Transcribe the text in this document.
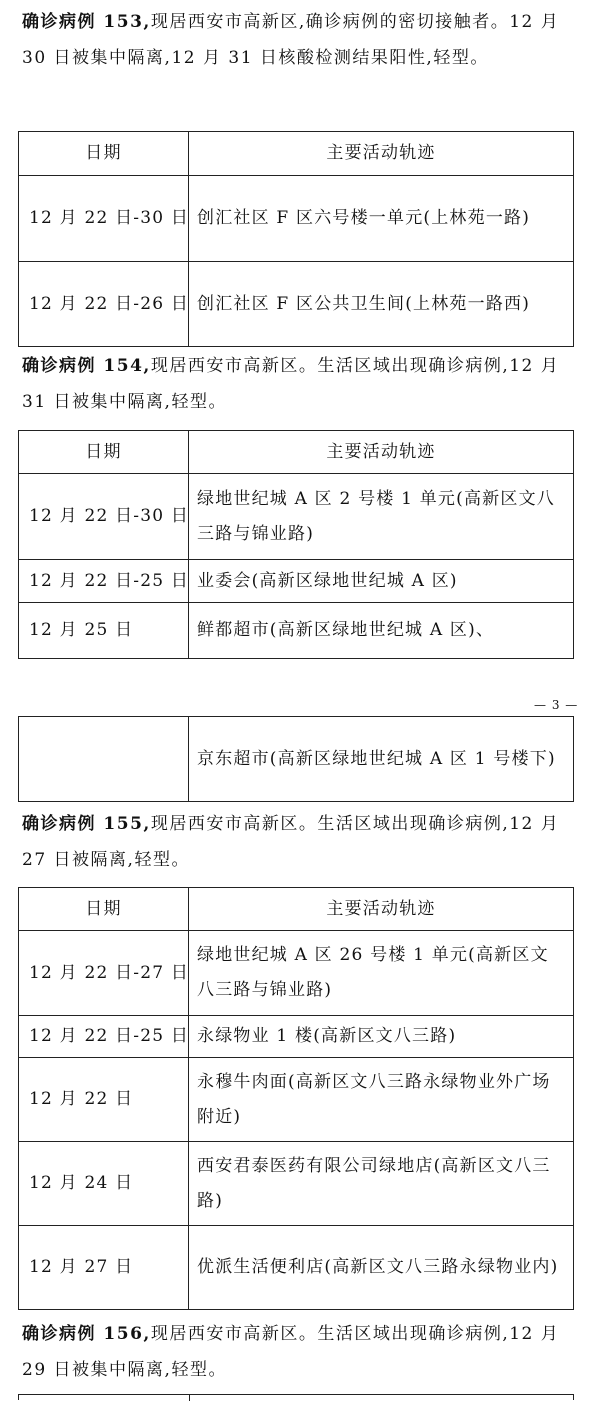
确诊病例 153,现居西安市高新区,确诊病例的密切接触者。12 月 30 日被集中隔离,12 月 31 日核酸检测结果阳性,轻型。

日期	主要活动轨迹
12 月 22 日-30 日	创汇社区 F 区六号楼一单元(上林苑一路)
12 月 22 日-26 日	创汇社区 F 区公共卫生间(上林苑一路西)

确诊病例 154,现居西安市高新区。生活区域出现确诊病例,12 月 31 日被集中隔离,轻型。

日期	主要活动轨迹
12 月 22 日-30 日	绿地世纪城 A 区 2 号楼 1 单元(高新区文八三路与锦业路)
12 月 22 日-25 日	业委会(高新区绿地世纪城 A 区)
12 月 25 日	鲜都超市(高新区绿地世纪城 A 区)、
— 3 —
	京东超市(高新区绿地世纪城 A 区 1 号楼下)

确诊病例 155,现居西安市高新区。生活区域出现确诊病例,12 月 27 日被隔离,轻型。

日期	主要活动轨迹
12 月 22 日-27 日	绿地世纪城 A 区 26 号楼 1 单元(高新区文八三路与锦业路)
12 月 22 日-25 日	永绿物业 1 楼(高新区文八三路)
12 月 22 日	永穆牛肉面(高新区文八三路永绿物业外广场附近)
12 月 24 日	西安君泰医药有限公司绿地店(高新区文八三路)
12 月 27 日	优派生活便利店(高新区文八三路永绿物业内)

确诊病例 156,现居西安市高新区。生活区域出现确诊病例,12 月 29 日被集中隔离,轻型。
